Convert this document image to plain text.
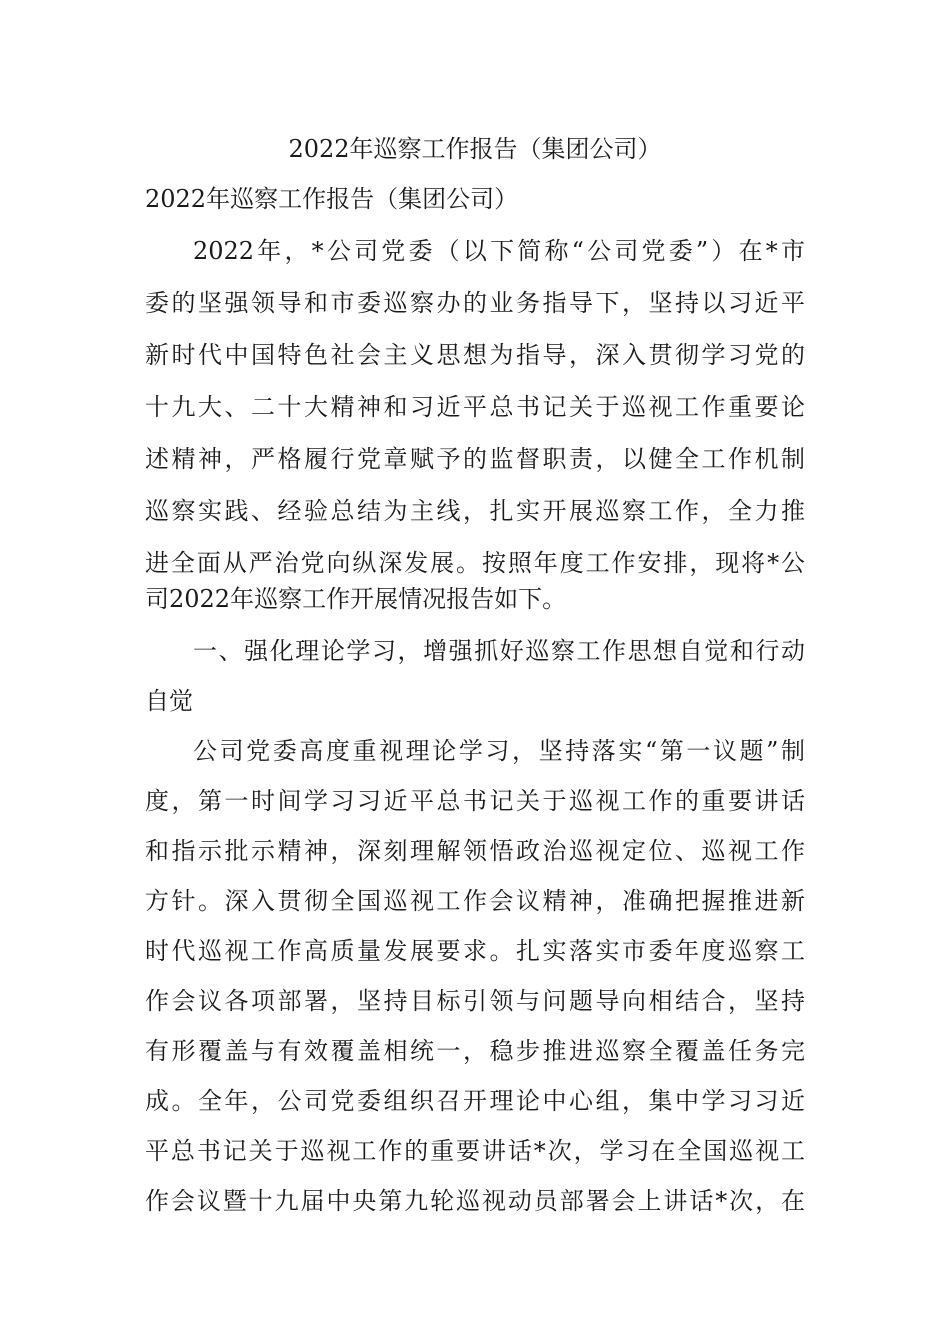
2022年巡察工作报告（集团公司）
2022年巡察工作报告（集团公司）
2022年，*公司党委（以下简称“公司党委”）在*市
委的坚强领导和市委巡察办的业务指导下，坚持以习近平
新时代中国特色社会主义思想为指导，深入贯彻学习党的
十九大、二十大精神和习近平总书记关于巡视工作重要论
述精神，严格履行党章赋予的监督职责，以健全工作机制
巡察实践、经验总结为主线，扎实开展巡察工作，全力推
进全面从严治党向纵深发展。按照年度工作安排，现将*公
司2022年巡察工作开展情况报告如下。
一、强化理论学习，增强抓好巡察工作思想自觉和行动
自觉
公司党委高度重视理论学习，坚持落实“第一议题”制
度，第一时间学习习近平总书记关于巡视工作的重要讲话
和指示批示精神，深刻理解领悟政治巡视定位、巡视工作
方针。深入贯彻全国巡视工作会议精神，准确把握推进新
时代巡视工作高质量发展要求。扎实落实市委年度巡察工
作会议各项部署，坚持目标引领与问题导向相结合，坚持
有形覆盖与有效覆盖相统一，稳步推进巡察全覆盖任务完
成。全年，公司党委组织召开理论中心组，集中学习习近
平总书记关于巡视工作的重要讲话*次，学习在全国巡视工
作会议暨十九届中央第九轮巡视动员部署会上讲话*次，在
